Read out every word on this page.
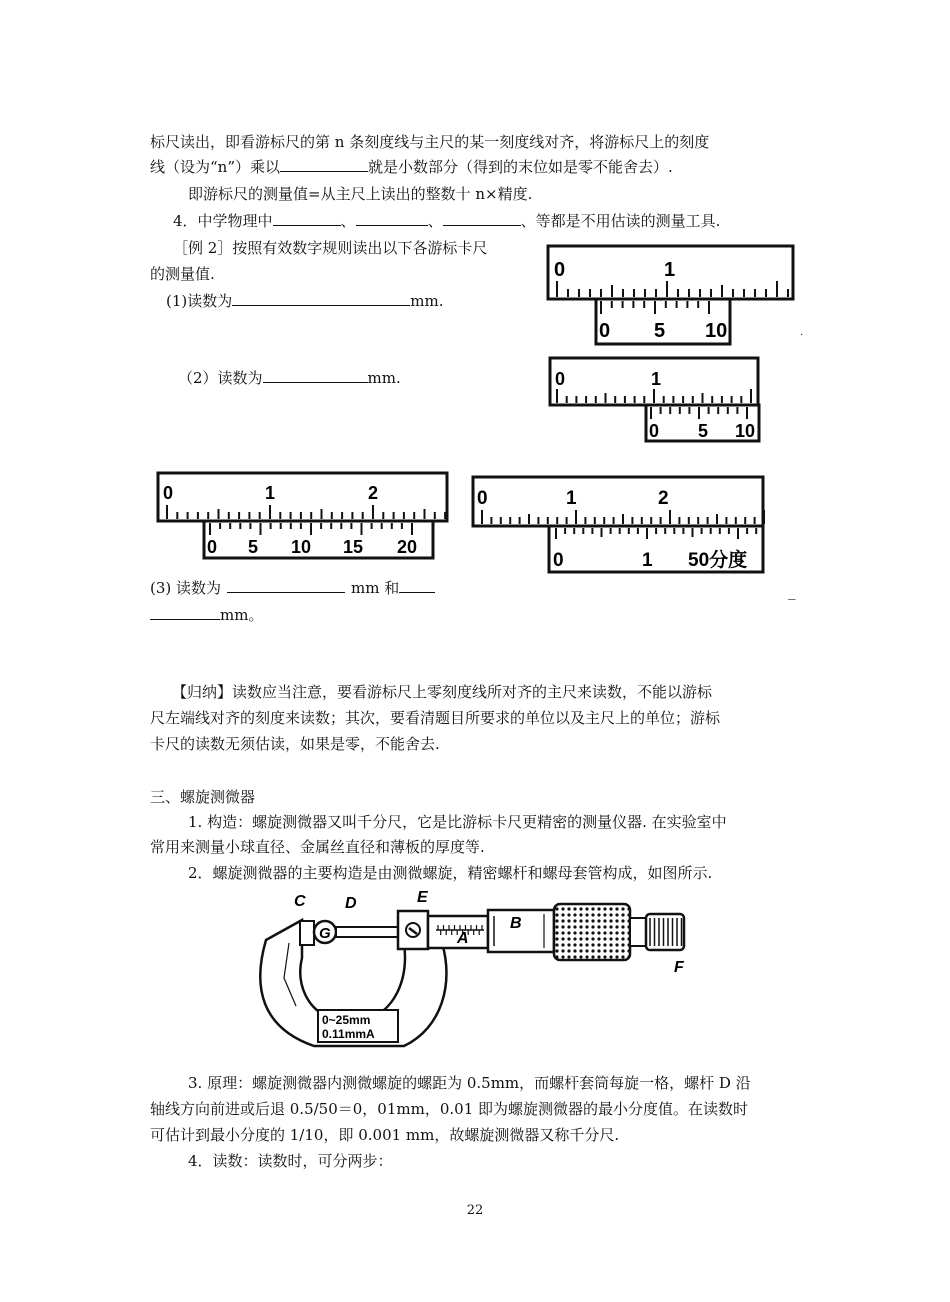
标尺读出，即看游标尺的第 n 条刻度线与主尺的某一刻度线对齐，将游标尺上的刻度
线（设为“n”）乘以	就是小数部分（得到的末位如是零不能舍去）.
即游标尺的测量值=从主尺上读出的整数十 n×精度.
4．中学物理中	、	、	、等都是不用估读的测量工具.
［例 2］按照有效数字规则读出以下各游标卡尺
的测量值.
(1)读数为	mm.
（2）读数为	mm.
(3) 读数为	mm 和	_
mm。
0	1
0 5 10	.
0	1
0 5 10
0	1	2
0 5 10 15 20
0	1	2
0	1 50分度
【归纳】读数应当注意，要看游标尺上零刻度线所对齐的主尺来读数，不能以游标
尺左端线对齐的刻度来读数；其次，要看清题目所要求的单位以及主尺上的单位；游标
卡尺的读数无须估读，如果是零，不能舍去.
三、螺旋测微器
1. 构造：螺旋测微器又叫千分尺，它是比游标卡尺更精密的测量仪器. 在实验室中
常用来测量小球直径、金属丝直径和薄板的厚度等.
2．螺旋测微器的主要构造是由测微螺旋，精密螺杆和螺母套管构成，如图所示.
G
C D	E
A
B
F
0~25mm
0.11mmA
3. 原理：螺旋测微器内测微螺旋的螺距为 0.5mm，而螺杆套筒每旋一格，螺杆 D 沿
轴线方向前进或后退 0.5/50＝0，01mm，0.01 即为螺旋测微器的最小分度值。在读数时
可估计到最小分度的 1/10，即 0.001 mm，故螺旋测微器又称千分尺.
4．读数：读数时，可分两步：
22
